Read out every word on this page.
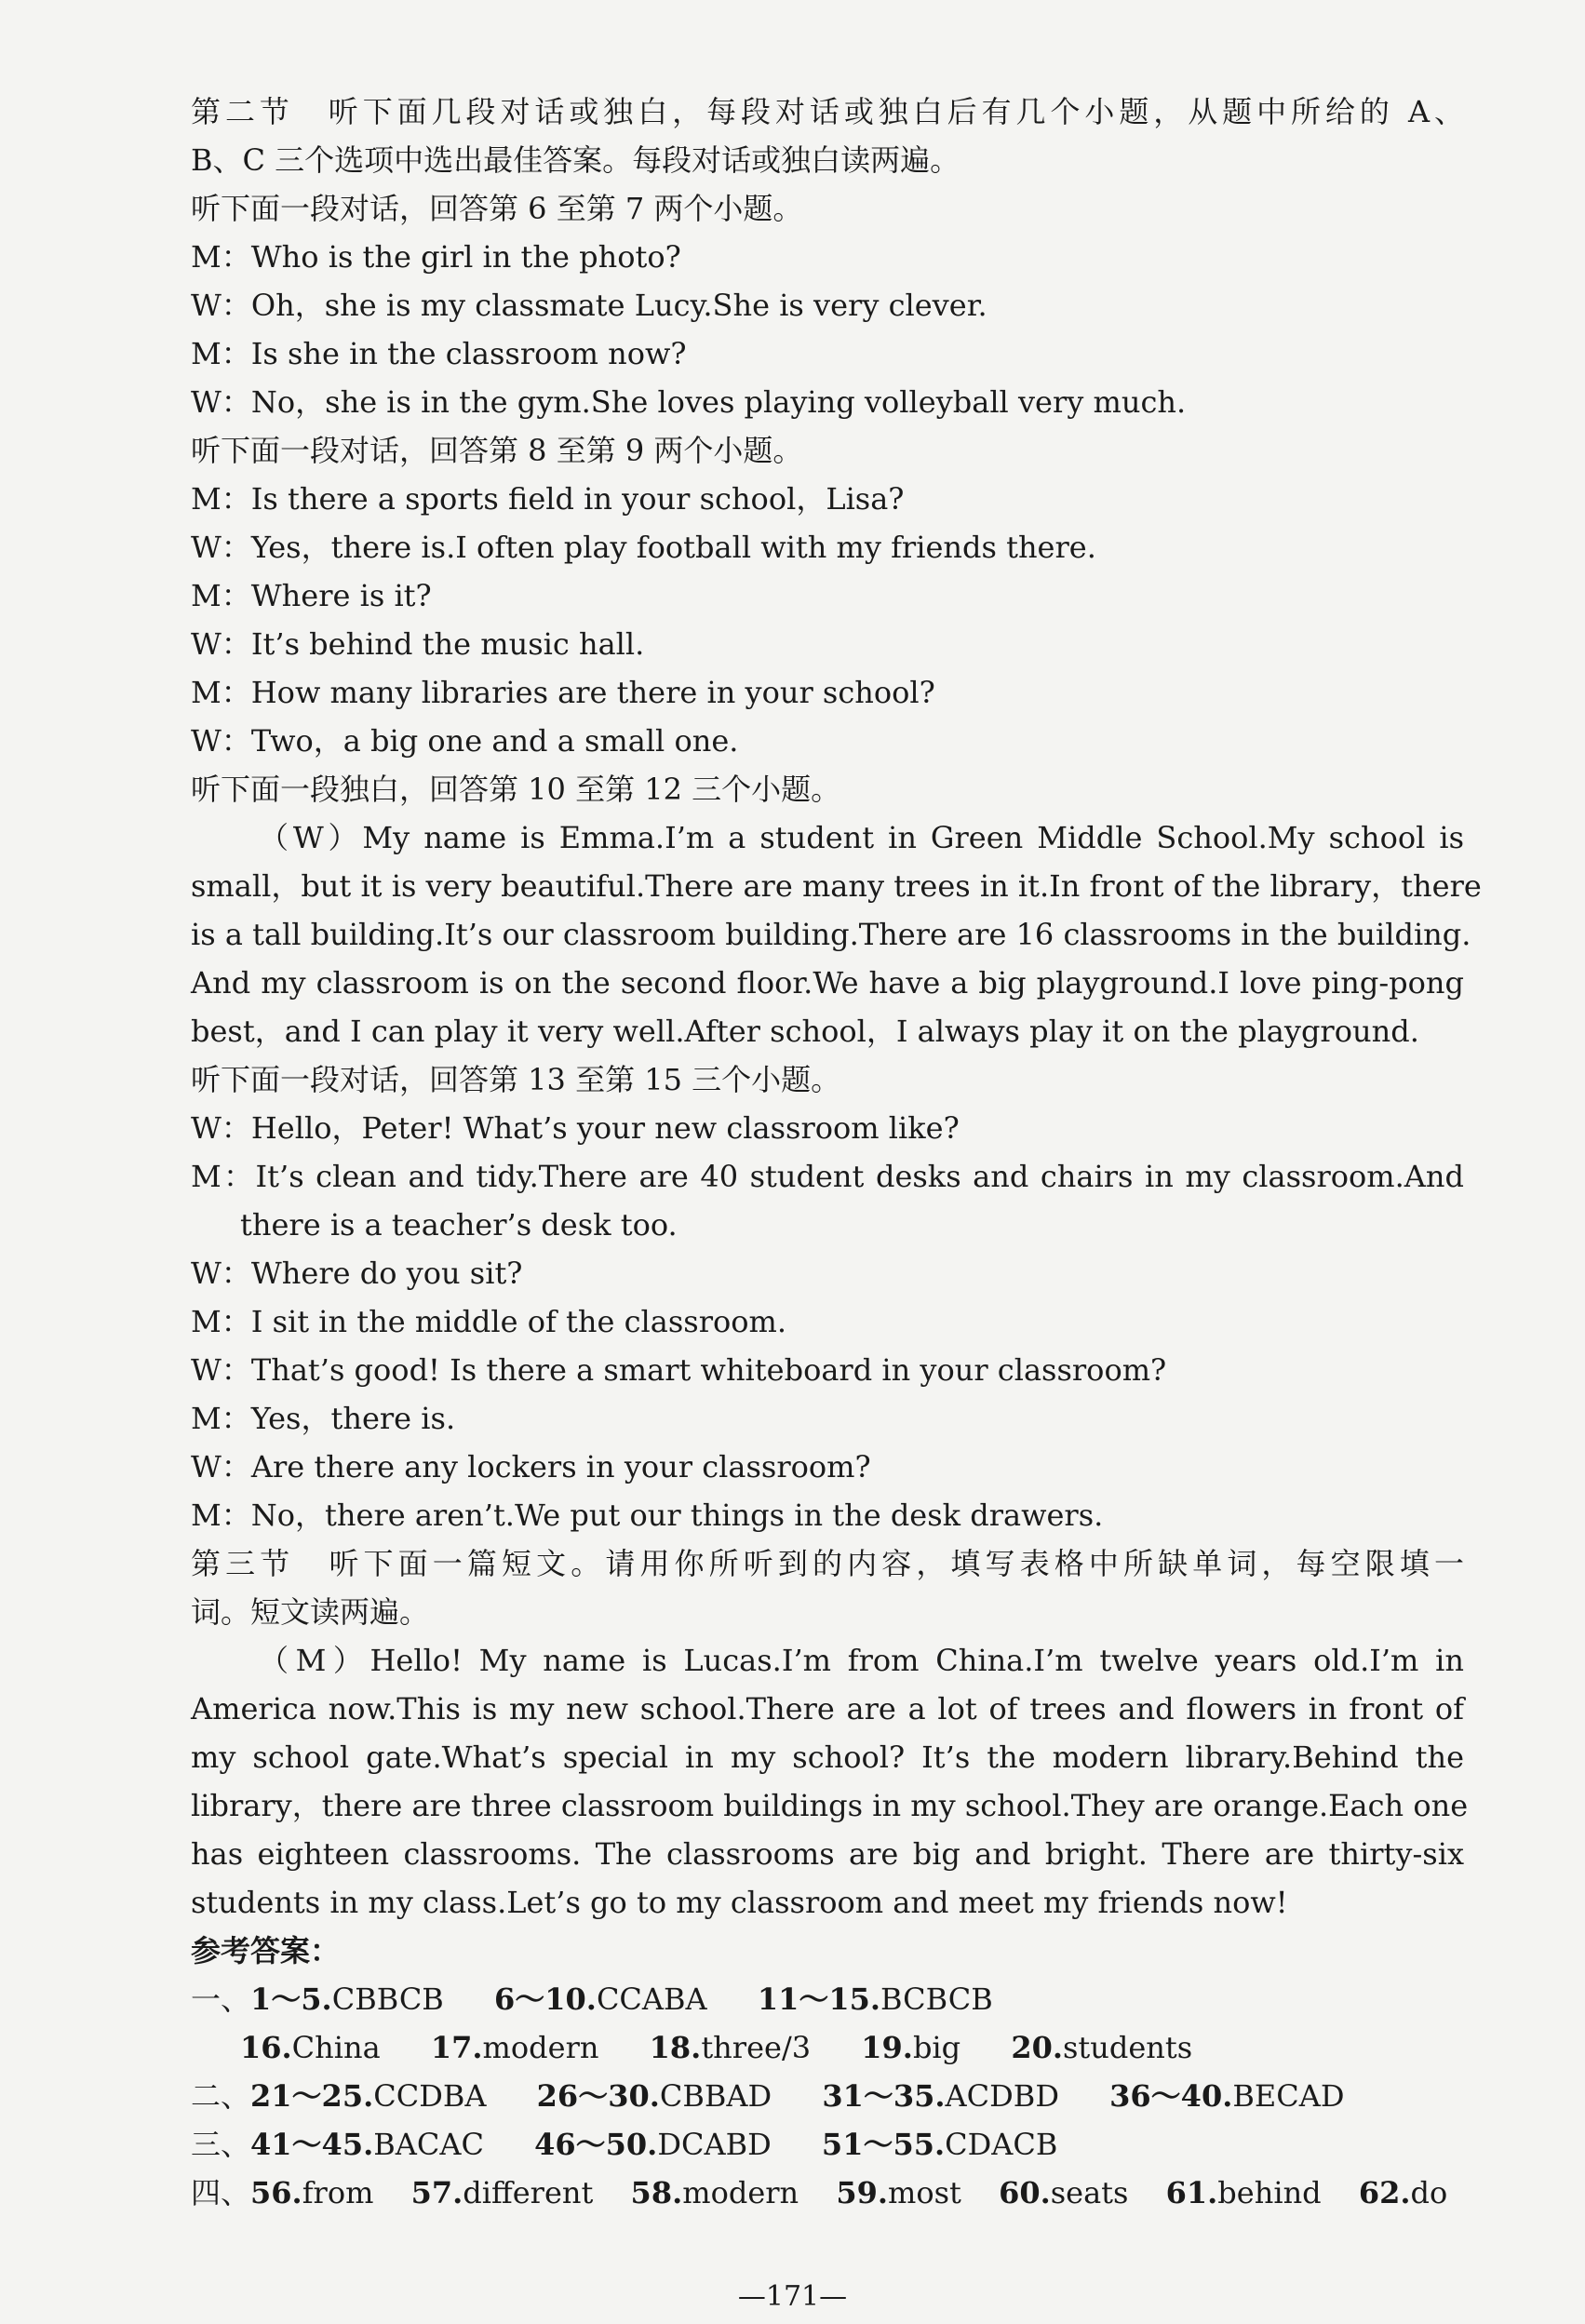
第二节　听下面几段对话或独白，每段对话或独白后有几个小题，从题中所给的 A、
B、C 三个选项中选出最佳答案。每段对话或独白读两遍。
听下面一段对话，回答第 6 至第 7 两个小题。
M：Who is the girl in the photo?
W：Oh，she is my classmate Lucy.She is very clever.
M：Is she in the classroom now?
W：No，she is in the gym.She loves playing volleyball very much.
听下面一段对话，回答第 8 至第 9 两个小题。
M：Is there a sports field in your school，Lisa?
W：Yes，there is.I often play football with my friends there.
M：Where is it?
W：It’s behind the music hall.
M：How many libraries are there in your school?
W：Two，a big one and a small one.
听下面一段独白，回答第 10 至第 12 三个小题。
（W）My name is Emma.I’m a student in Green Middle School.My school is
small，but it is very beautiful.There are many trees in it.In front of the library，there
is a tall building.It’s our classroom building.There are 16 classrooms in the building.
And my classroom is on the second floor.We have a big playground.I love ping-pong
best，and I can play it very well.After school，I always play it on the playground.
听下面一段对话，回答第 13 至第 15 三个小题。
W：Hello，Peter! What’s your new classroom like?
M：It’s clean and tidy.There are 40 student desks and chairs in my classroom.And
there is a teacher’s desk too.
W：Where do you sit?
M：I sit in the middle of the classroom.
W：That’s good! Is there a smart whiteboard in your classroom?
M：Yes，there is.
W：Are there any lockers in your classroom?
M：No，there aren’t.We put our things in the desk drawers.
第三节　听下面一篇短文。请用你所听到的内容，填写表格中所缺单词，每空限填一
词。短文读两遍。
（M）Hello! My name is Lucas.I’m from China.I’m twelve years old.I’m in
America now.This is my new school.There are a lot of trees and flowers in front of
my school gate.What’s special in my school? It’s the modern library.Behind the
library，there are three classroom buildings in my school.They are orange.Each one
has eighteen classrooms. The classrooms are big and bright. There are thirty-six
students in my class.Let’s go to my classroom and meet my friends now!
参考答案：
一、1～5.CBBCB 6～10.CCABA 11～15.BCBCB
16.China 17.modern 18.three/3 19.big 20.students
二、21～25.CCDBA 26～30.CBBAD 31～35.ACDBD 36～40.BECAD
三、41～45.BACAC 46～50.DCABD 51～55.CDACB
四、56.from 57.different 58.modern 59.most 60.seats 61.behind 62.do
—171—
